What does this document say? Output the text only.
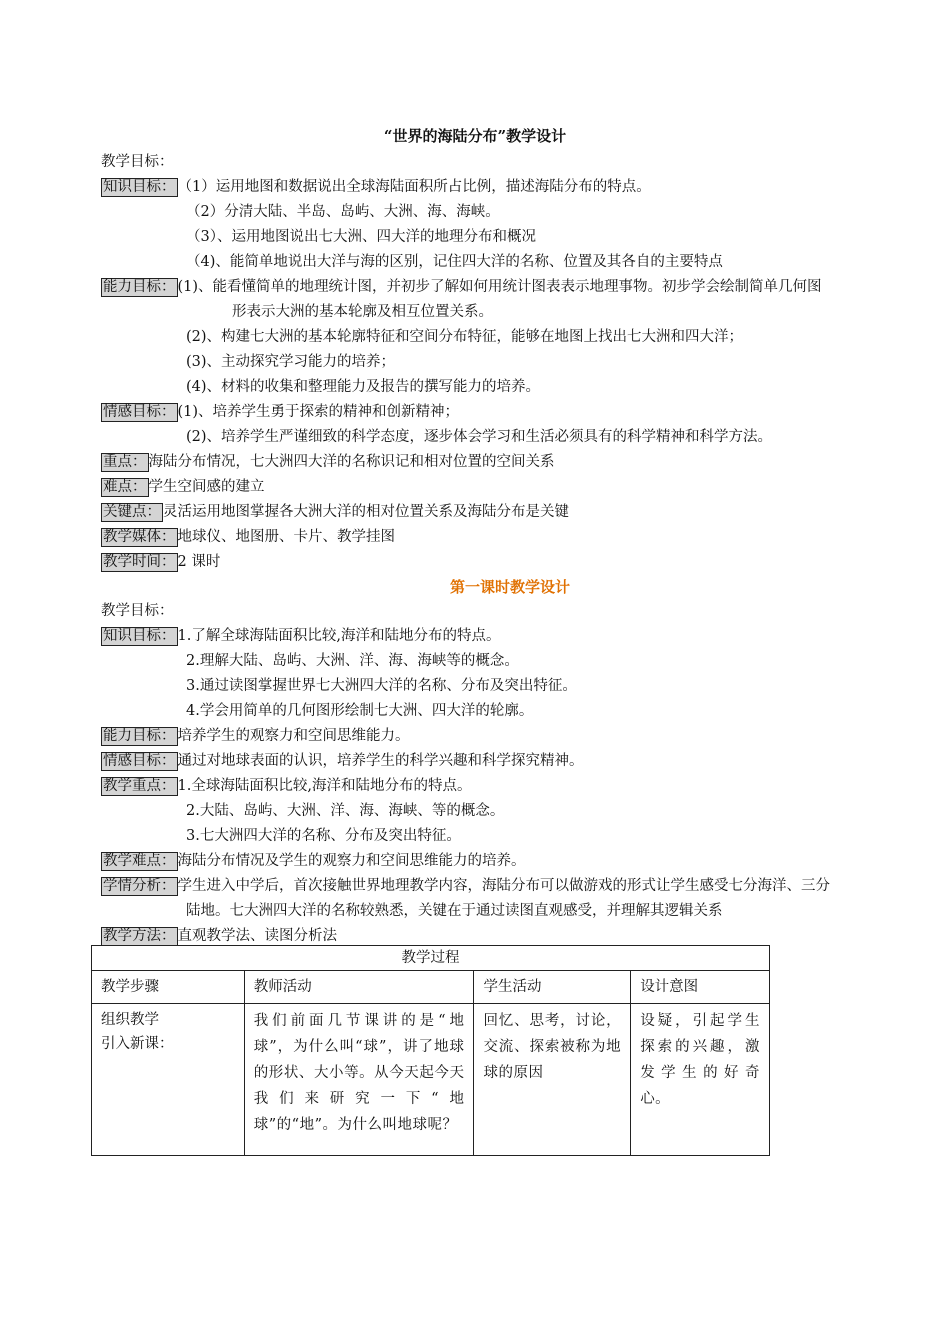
“世界的海陆分布”教学设计
教学目标：
知识目标： （1）运用地图和数据说出全球海陆面积所占比例，描述海陆分布的特点。
（2）分清大陆、半岛、岛屿、大洲、海、海峡。
（3）、运用地图说出七大洲、四大洋的地理分布和概况
（4)、能简单地说出大洋与海的区别，记住四大洋的名称、位置及其各自的主要特点
能力目标： (1)、能看懂简单的地理统计图，并初步了解如何用统计图表表示地理事物。初步学会绘制简单几何图
形表示大洲的基本轮廓及相互位置关系。
(2)、构建七大洲的基本轮廓特征和空间分布特征，能够在地图上找出七大洲和四大洋；
(3)、主动探究学习能力的培养；
(4)、材料的收集和整理能力及报告的撰写能力的培养。
情感目标： (1)、培养学生勇于探索的精神和创新精神；
(2)、培养学生严谨细致的科学态度，逐步体会学习和生活必须具有的科学精神和科学方法。
重点： 海陆分布情况，七大洲四大洋的名称识记和相对位置的空间关系
难点： 学生空间感的建立
关键点： 灵活运用地图掌握各大洲大洋的相对位置关系及海陆分布是关键
教学媒体： 地球仪、地图册、卡片、教学挂图
教学时间： 2 课时
第一课时教学设计
教学目标：
知识目标： 1.了解全球海陆面积比较,海洋和陆地分布的特点。
2.理解大陆、岛屿、大洲、洋、海、海峡等的概念。
3.通过读图掌握世界七大洲四大洋的名称、分布及突出特征。
4.学会用简单的几何图形绘制七大洲、四大洋的轮廓。
能力目标： 培养学生的观察力和空间思维能力。
情感目标： 通过对地球表面的认识，培养学生的科学兴趣和科学探究精神。
教学重点： 1.全球海陆面积比较,海洋和陆地分布的特点。
2.大陆、岛屿、大洲、洋、海、海峡、等的概念。
3.七大洲四大洋的名称、分布及突出特征。
教学难点： 海陆分布情况及学生的观察力和空间思维能力的培养。
学情分析： 学生进入中学后，首次接触世界地理教学内容，海陆分布可以做游戏的形式让学生感受七分海洋、三分
陆地。七大洲四大洋的名称较熟悉，关键在于通过读图直观感受，并理解其逻辑关系
教学方法： 直观教学法、读图分析法
教学过程			
教学步骤	教师活动	学生活动	设计意图

组织教学
引入新课：	我们前面几节课讲的是“地球”，为什么叫“球”，讲了地球的形状、大小等。从今天起今天我们来研究一下“地球”的“地”。为什么叫地球呢？	回忆、思考，讨论，交流、探索被称为地球的原因	设疑，引起学生探索的兴趣，激发学生的好奇心。
